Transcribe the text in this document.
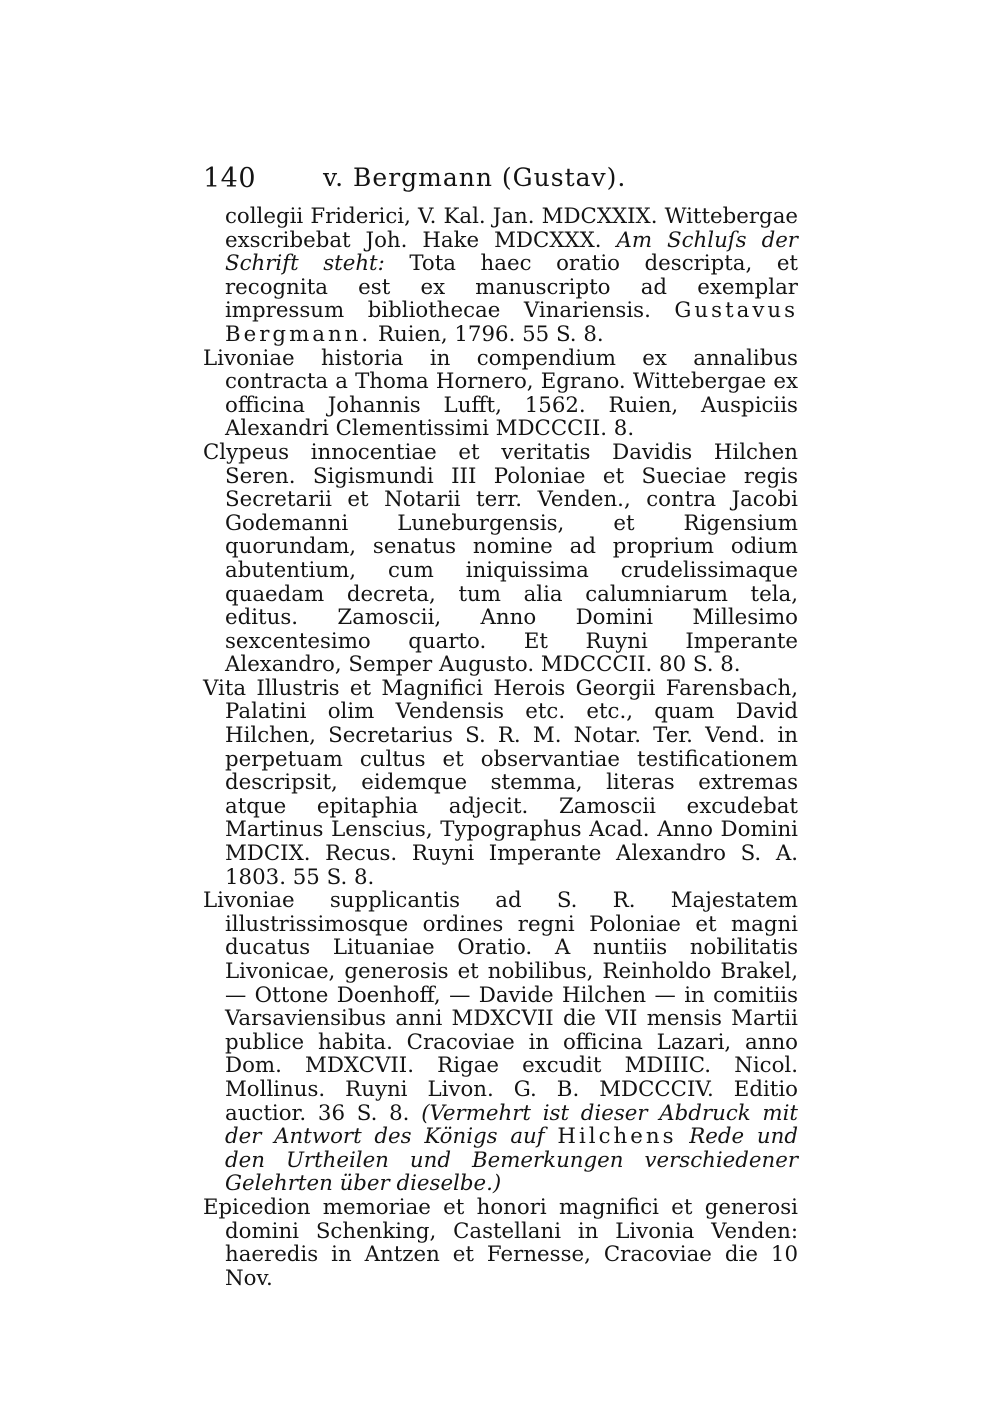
140	v. Bergmann (Gustav).

collegii Friderici, V. Kal. Jan. MDCXXIX. Wittebergae exscribebat Joh. Hake MDCXXX. Am Schluſs der Schrift steht: Tota haec oratio descripta, et recognita est ex manuscripto ad exemplar impressum bibliothecae Vinariensis. Gustavus Bergmann. Ruien, 1796. 55 S. 8.

Livoniae historia in compendium ex annalibus contracta a Thoma Hornero, Egrano. Wittebergae ex officina Johannis Lufft, 1562. Ruien, Auspiciis Alexandri Clementissimi MDCCCII. 8.

Clypeus innocentiae et veritatis Davidis Hilchen Seren. Sigismundi III Poloniae et Sueciae regis Secretarii et Notarii terr. Venden., contra Jacobi Godemanni Luneburgensis, et Rigensium quorundam, senatus nomine ad proprium odium abutentium, cum iniquissima crudelissimaque quaedam decreta, tum alia calumniarum tela, editus. Zamoscii, Anno Domini Millesimo sexcentesimo quarto. Et Ruyni Imperante Alexandro, Semper Augusto. MDCCCII. 80 S. 8.

Vita Illustris et Magnifici Herois Georgii Farensbach, Palatini olim Vendensis etc. etc., quam David Hilchen, Secretarius S. R. M. Notar. Ter. Vend. in perpetuam cultus et observantiae testificationem descripsit, eidemque stemma, literas extremas atque epitaphia adjecit. Zamoscii excudebat Martinus Lenscius, Typographus Acad. Anno Domini MDCIX. Recus. Ruyni Imperante Alexandro S. A. 1803. 55 S. 8.

Livoniae supplicantis ad S. R. Majestatem illustrissimosque ordines regni Poloniae et magni ducatus Lituaniae Oratio. A nuntiis nobilitatis Livonicae, generosis et nobilibus, Reinholdo Brakel, — Ottone Doenhoff, — Davide Hilchen — in comitiis Varsaviensibus anni MDXCVII die VII mensis Martii publice habita. Cracoviae in officina Lazari, anno Dom. MDXCVII. Rigae excudit MDIIIC. Nicol. Mollinus. Ruyni Livon. G. B. MDCCCIV. Editio auctior. 36 S. 8. (Vermehrt ist dieser Abdruck mit der Antwort des Königs auf Hilchens Rede und den Urtheilen und Bemerkungen verschiedener Gelehrten über dieselbe.)

Epicedion memoriae et honori magnifici et generosi domini Schenking, Castellani in Livonia Venden: haeredis in Antzen et Fernesse, Cracoviae die 10 Nov.
